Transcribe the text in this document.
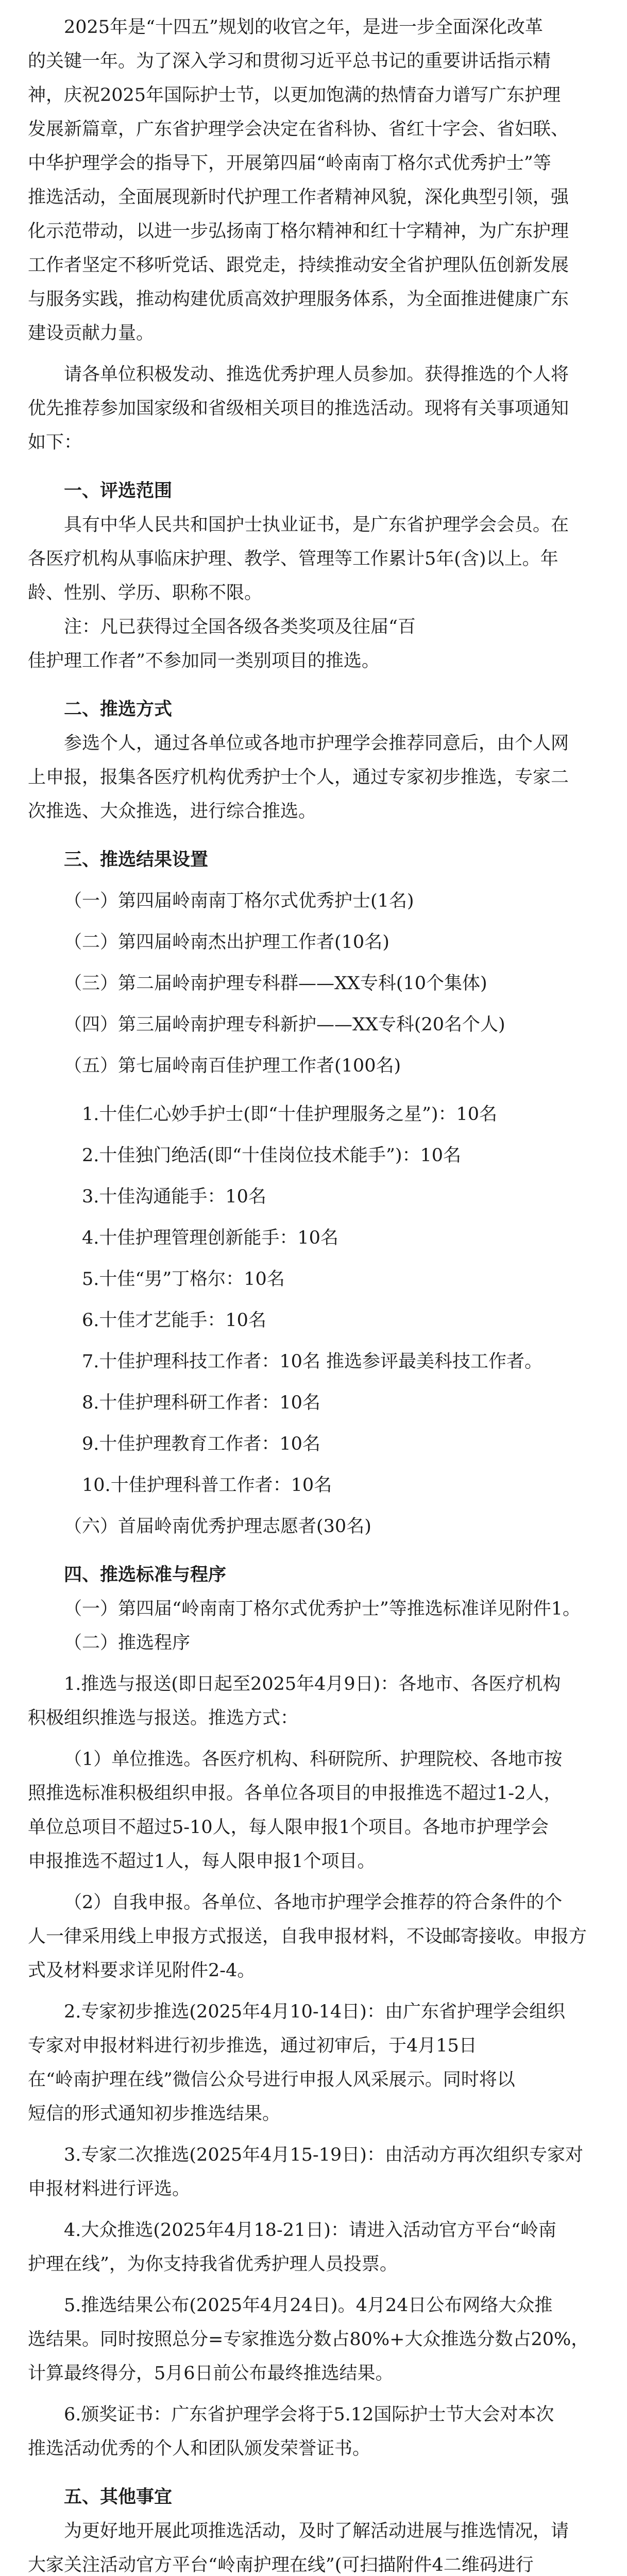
2025年是“十四五”规划的收官之年，是进一步全面深化改革

的关键一年。为了深入学习和贯彻习近平总书记的重要讲话指示精

神，庆祝2025年国际护士节，以更加饱满的热情奋力谱写广东护理

发展新篇章，广东省护理学会决定在省科协、省红十字会、省妇联、

中华护理学会的指导下，开展第四届“岭南南丁格尔式优秀护士”等

推选活动，全面展现新时代护理工作者精神风貌，深化典型引领，强

化示范带动，以进一步弘扬南丁格尔精神和红十字精神，为广东护理

工作者坚定不移听党话、跟党走，持续推动安全省护理队伍创新发展

与服务实践，推动构建优质高效护理服务体系，为全面推进健康广东

建设贡献力量。

请各单位积极发动、推选优秀护理人员参加。获得推选的个人将

优先推荐参加国家级和省级相关项目的推选活动。现将有关事项通知

如下：

一、评选范围

具有中华人民共和国护士执业证书，是广东省护理学会会员。在

各医疗机构从事临床护理、教学、管理等工作累计5年(含)以上。年

龄、性别、学历、职称不限。

注：凡已获得过全国各级各类奖项及往届“百

佳护理工作者”不参加同一类别项目的推选。

二、推选方式

参选个人，通过各单位或各地市护理学会推荐同意后，由个人网

上申报，报集各医疗机构优秀护士个人，通过专家初步推选，专家二

次推选、大众推选，进行综合推选。

三、推选结果设置

（一）第四届岭南南丁格尔式优秀护士(1名)

（二）第四届岭南杰出护理工作者(10名)

（三）第二届岭南护理专科群——XX专科(10个集体)

（四）第三届岭南护理专科新护——XX专科(20名个人)

（五）第七届岭南百佳护理工作者(100名)

1.十佳仁心妙手护士(即“十佳护理服务之星”)：10名

2.十佳独门绝活(即“十佳岗位技术能手”)：10名

3.十佳沟通能手：10名

4.十佳护理管理创新能手：10名

5.十佳“男”丁格尔：10名

6.十佳才艺能手：10名

7.十佳护理科技工作者：10名 推选参评最美科技工作者。

8.十佳护理科研工作者：10名

9.十佳护理教育工作者：10名

10.十佳护理科普工作者：10名

（六）首届岭南优秀护理志愿者(30名)

四、推选标准与程序

（一）第四届“岭南南丁格尔式优秀护士”等推选标准详见附件1。

（二）推选程序

1.推选与报送(即日起至2025年4月9日)：各地市、各医疗机构

积极组织推选与报送。推选方式：

（1）单位推选。各医疗机构、科研院所、护理院校、各地市按

照推选标准积极组织申报。各单位各项目的申报推选不超过1-2人，

单位总项目不超过5-10人，每人限申报1个项目。各地市护理学会

申报推选不超过1人，每人限申报1个项目。

（2）自我申报。各单位、各地市护理学会推荐的符合条件的个

人一律采用线上申报方式报送，自我申报材料，不设邮寄接收。申报方

式及材料要求详见附件2-4。

2.专家初步推选(2025年4月10-14日)：由广东省护理学会组织

专家对申报材料进行初步推选，通过初审后，于4月15日

在“岭南护理在线”微信公众号进行申报人风采展示。同时将以

短信的形式通知初步推选结果。

3.专家二次推选(2025年4月15-19日)：由活动方再次组织专家对

申报材料进行评选。

4.大众推选(2025年4月18-21日)：请进入活动官方平台“岭南

护理在线”，为你支持我省优秀护理人员投票。

5.推选结果公布(2025年4月24日)。4月24日公布网络大众推

选结果。同时按照总分=专家推选分数占80%+大众推选分数占20%，

计算最终得分，5月6日前公布最终推选结果。

6.颁奖证书：广东省护理学会将于5.12国际护士节大会对本次

推选活动优秀的个人和团队颁发荣誉证书。

五、其他事宜

为更好地开展此项推选活动，及时了解活动进展与推选情况，请

大家关注活动官方平台“岭南护理在线”(可扫描附件4二维码进行
